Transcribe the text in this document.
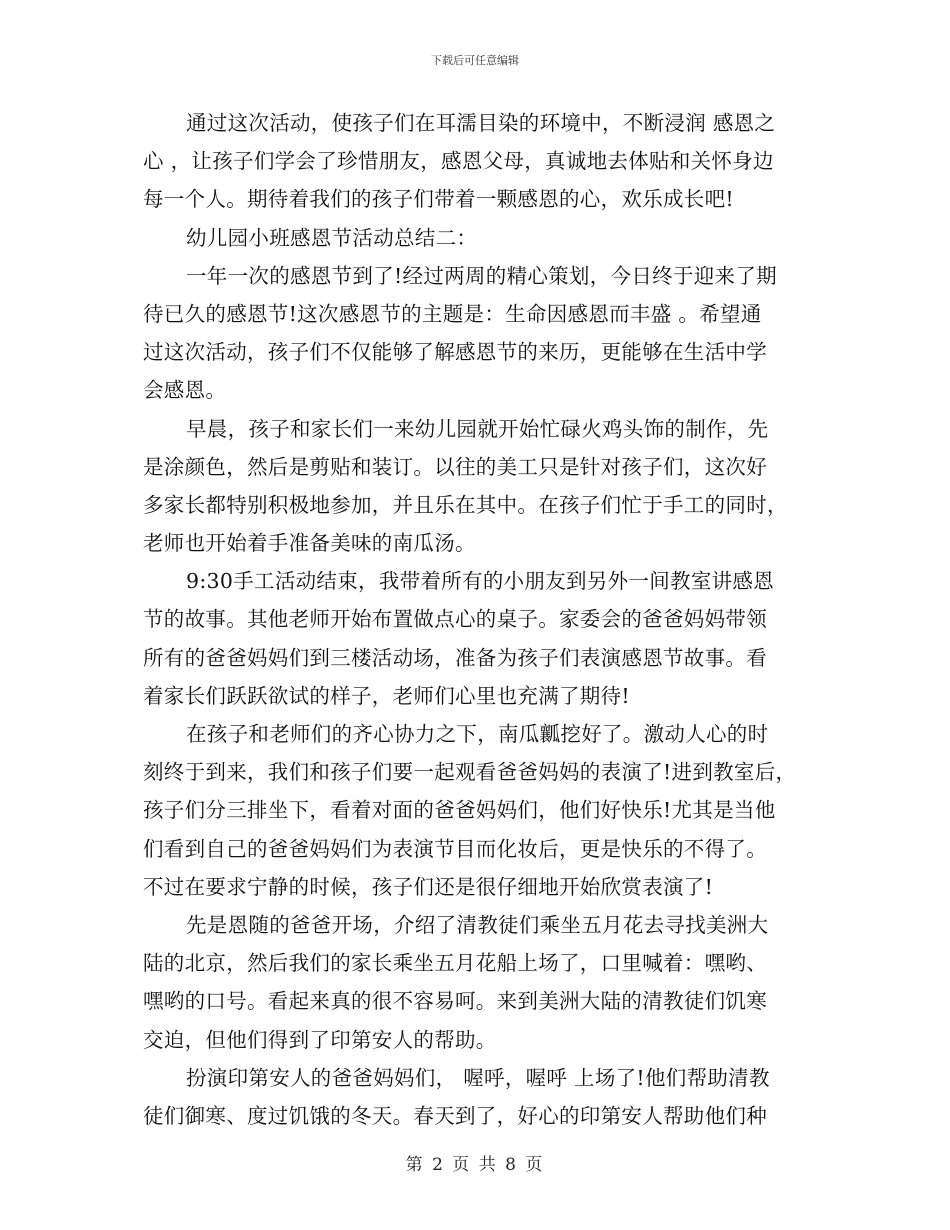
下载后可任意编辑
通过这次活动，使孩子们在耳濡目染的环境中，不断浸润 感恩之
心 ，让孩子们学会了珍惜朋友，感恩父母，真诚地去体贴和关怀身边
每一个人。期待着我们的孩子们带着一颗感恩的心，欢乐成长吧!
幼儿园小班感恩节活动总结二：
一年一次的感恩节到了!经过两周的精心策划，今日终于迎来了期
待已久的感恩节!这次感恩节的主题是：生命因感恩而丰盛 。希望通
过这次活动，孩子们不仅能够了解感恩节的来历，更能够在生活中学
会感恩。
早晨，孩子和家长们一来幼儿园就开始忙碌火鸡头饰的制作，先
是涂颜色，然后是剪贴和装订。以往的美工只是针对孩子们，这次好
多家长都特别积极地参加，并且乐在其中。在孩子们忙于手工的同时，
老师也开始着手准备美味的南瓜汤。
9:30手工活动结束，我带着所有的小朋友到另外一间教室讲感恩
节的故事。其他老师开始布置做点心的桌子。家委会的爸爸妈妈带领
所有的爸爸妈妈们到三楼活动场，准备为孩子们表演感恩节故事。看
着家长们跃跃欲试的样子，老师们心里也充满了期待!
在孩子和老师们的齐心协力之下，南瓜瓤挖好了。激动人心的时
刻终于到来，我们和孩子们要一起观看爸爸妈妈的表演了!进到教室后，
孩子们分三排坐下，看着对面的爸爸妈妈们，他们好快乐!尤其是当他
们看到自己的爸爸妈妈们为表演节目而化妆后，更是快乐的不得了。
不过在要求宁静的时候，孩子们还是很仔细地开始欣赏表演了!
先是恩随的爸爸开场，介绍了清教徒们乘坐五月花去寻找美洲大
陆的北京，然后我们的家长乘坐五月花船上场了，口里喊着：嘿哟、
嘿哟的口号。看起来真的很不容易呵。来到美洲大陆的清教徒们饥寒
交迫，但他们得到了印第安人的帮助。
扮演印第安人的爸爸妈妈们， 喔呼，喔呼 上场了!他们帮助清教
徒们御寒、度过饥饿的冬天。春天到了，好心的印第安人帮助他们种
第 2 页 共 8 页
